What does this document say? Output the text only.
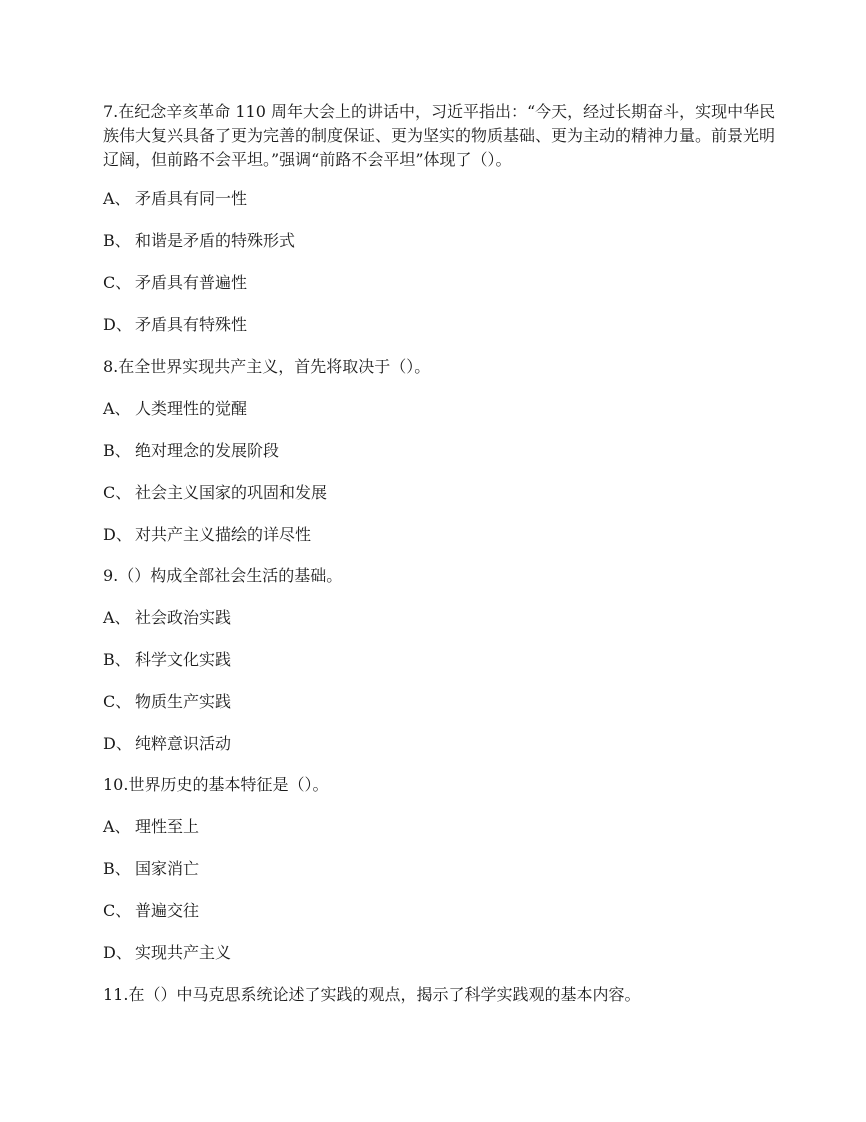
7.在纪念辛亥革命 110 周年大会上的讲话中，习近平指出：“今天，经过长期奋斗，实现中华民族伟大复兴具备了更为完善的制度保证、更为坚实的物质基础、更为主动的精神力量。前景光明辽阔，但前路不会平坦。”强调“前路不会平坦”体现了（）。

A、 矛盾具有同一性

B、 和谐是矛盾的特殊形式

C、 矛盾具有普遍性

D、 矛盾具有特殊性

8.在全世界实现共产主义，首先将取决于（）。

A、 人类理性的觉醒

B、 绝对理念的发展阶段

C、 社会主义国家的巩固和发展

D、 对共产主义描绘的详尽性

9.（）构成全部社会生活的基础。

A、 社会政治实践

B、 科学文化实践

C、 物质生产实践

D、 纯粹意识活动

10.世界历史的基本特征是（）。

A、 理性至上

B、 国家消亡

C、 普遍交往

D、 实现共产主义

11.在（）中马克思系统论述了实践的观点，揭示了科学实践观的基本内容。
